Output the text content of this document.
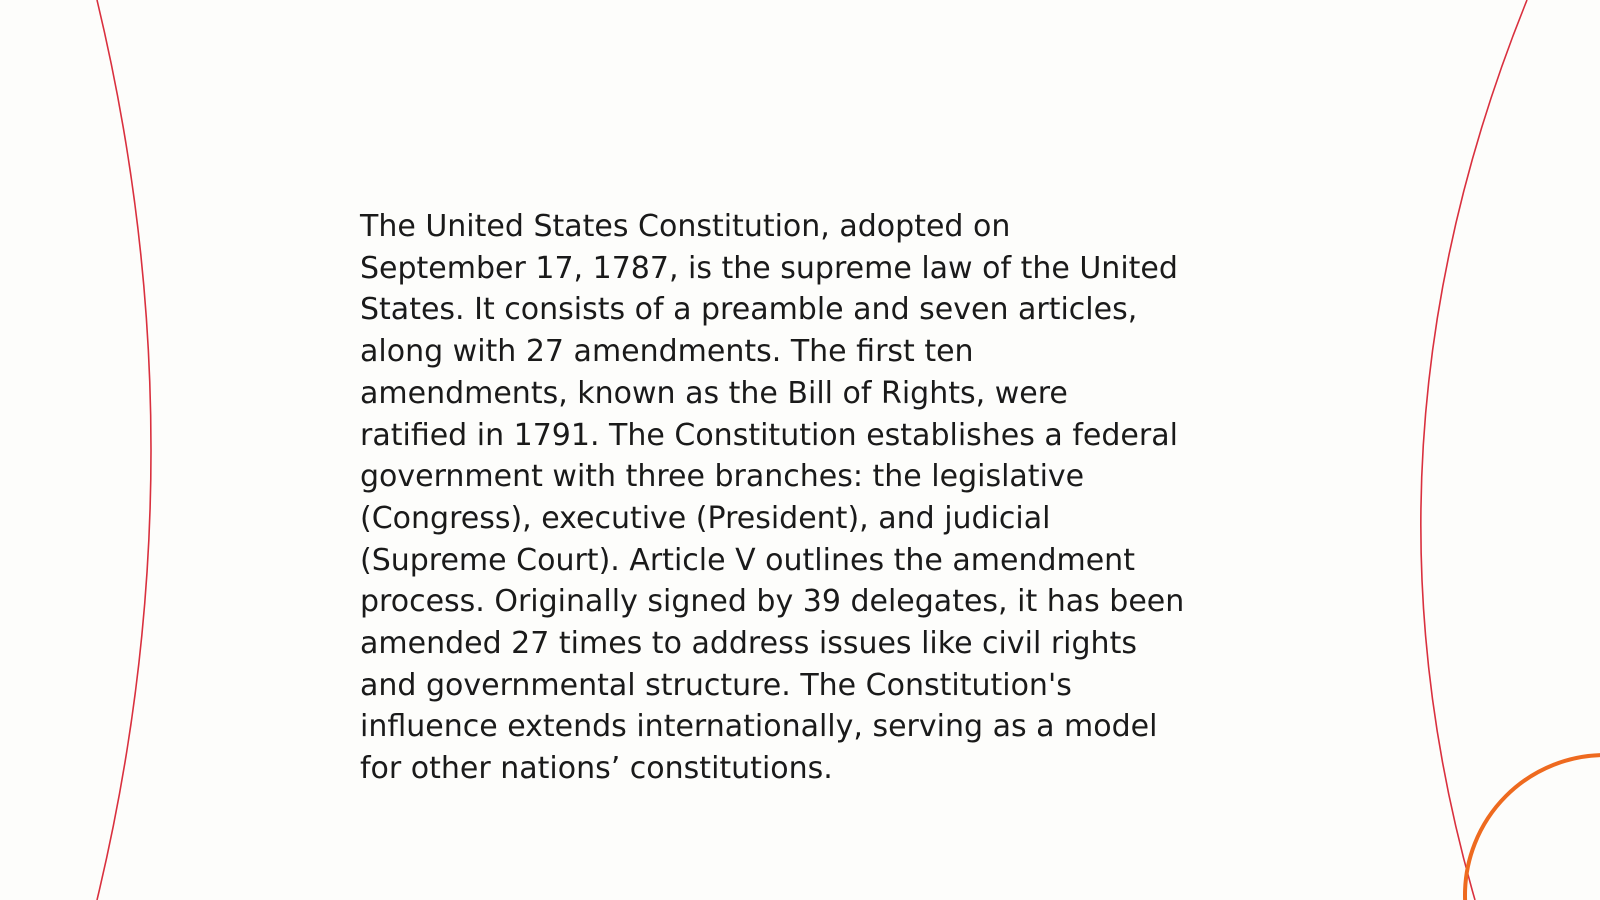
The United States Constitution, adopted on
September 17, 1787, is the supreme law of the United
States. It consists of a preamble and seven articles,
along with 27 amendments. The first ten
amendments, known as the Bill of Rights, were
ratified in 1791. The Constitution establishes a federal
government with three branches: the legislative
(Congress), executive (President), and judicial
(Supreme Court). Article V outlines the amendment
process. Originally signed by 39 delegates, it has been
amended 27 times to address issues like civil rights
and governmental structure. The Constitution's
influence extends internationally, serving as a model
for other nations’ constitutions.
